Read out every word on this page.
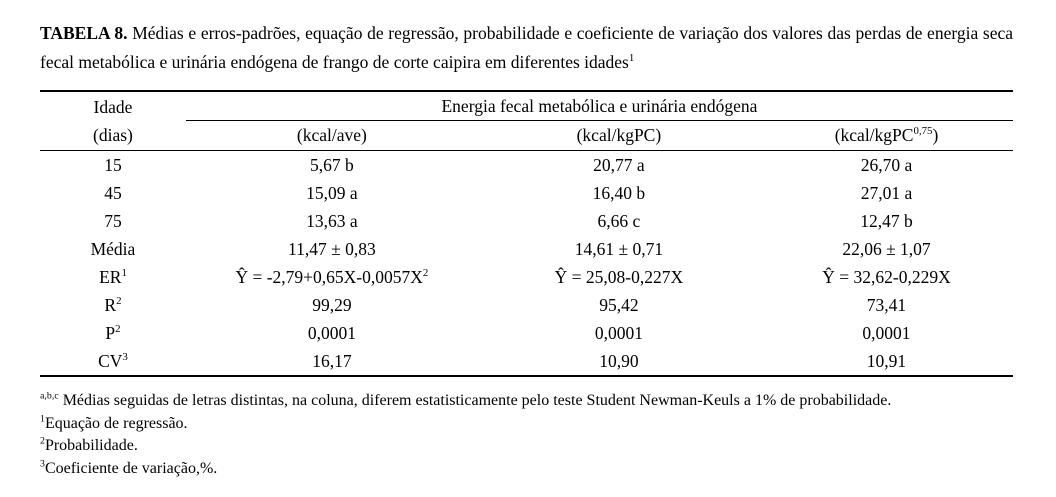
TABELA 8. Médias e erros-padrões, equação de regressão, probabilidade e coeficiente de variação dos valores das perdas de energia seca fecal metabólica e urinária endógena de frango de corte caipira em diferentes idades$^1$

Idade
(dias)	Energia fecal metabólica e urinária endógena		
	(kcal/ave)	(kcal/kgPC)	(kcal/kgPC$^{0,75}$)
15	5,67 b	20,77 a	26,70 a
45	15,09 a	16,40 b	27,01 a
75	13,63 a	6,66 c	12,47 b
Média	11,47 ± 0,83	14,61 ± 0,71	22,06 ± 1,07
$ER^1$	Ŷ = $-2,79+0,65X-0,0057X^2$	Ŷ = 25,08-0,227X	Ŷ = 32,62-0,229X
$R^2$	99,29	95,42	73,41
$P^2$	0,0001	0,0001	0,0001
$CV^3$	16,17	10,90	10,91
$^{a,b,c}$ Médias seguidas de letras distintas, na coluna, diferem estatisticamente pelo teste Student Newman-Keuls a 1% de probabilidade.
$^1$Equação de regressão.
$^2$Probabilidade.
$^3$Coeficiente de variação,%.
